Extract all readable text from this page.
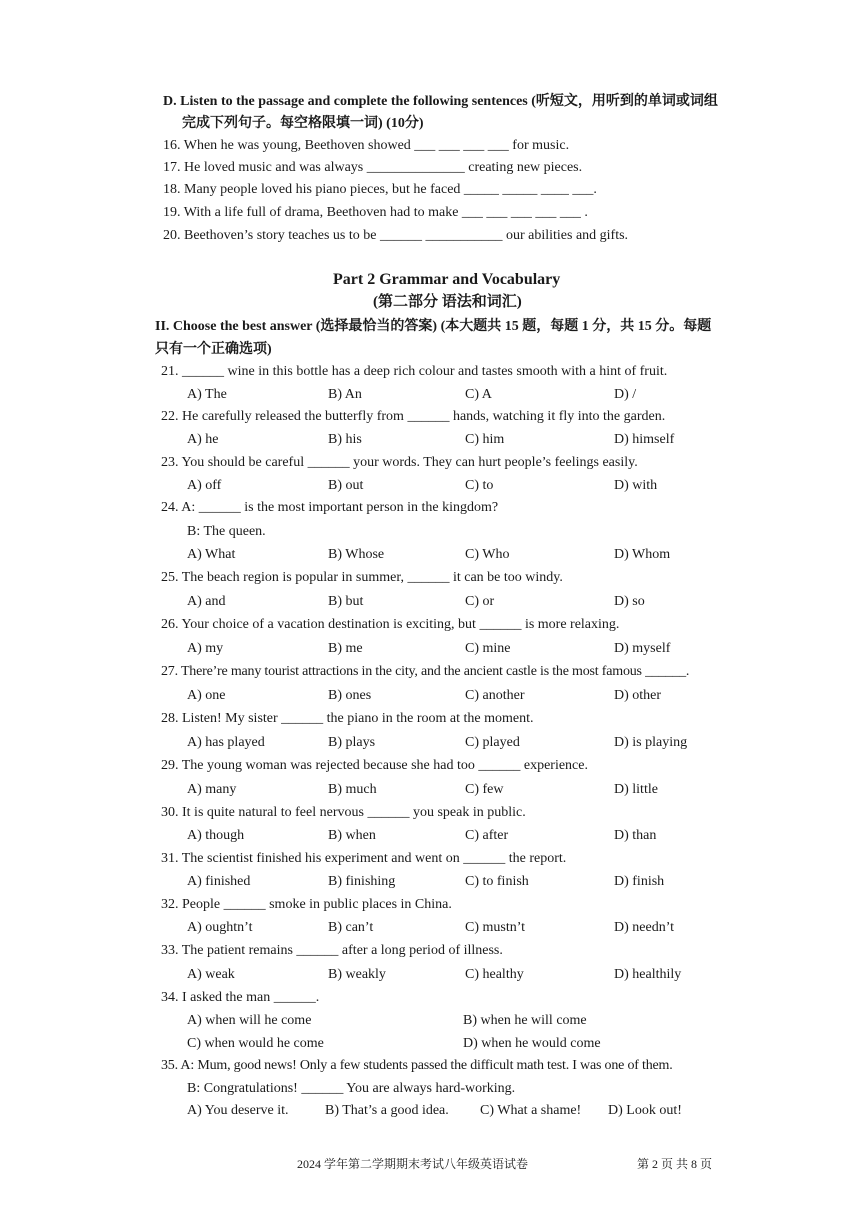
D. Listen to the passage and complete the following sentences (听短文，用听到的单词或词组
完成下列句子。每空格限填一词) (10分)
16. When he was young, Beethoven showed ___ ___ ___ ___ for music.
17. He loved music and was always ______________ creating new pieces.
18. Many people loved his piano pieces, but he faced _____ _____ ____ ___.
19. With a life full of drama, Beethoven had to make ___ ___ ___ ___ ___ .
20. Beethoven’s story teaches us to be ______ ___________ our abilities and gifts.
Part 2 Grammar and Vocabulary
(第二部分 语法和词汇)
II. Choose the best answer (选择最恰当的答案) (本大题共 15 题，每题 1 分，共 15 分。每题
只有一个正确选项)
21. ______ wine in this bottle has a deep rich colour and tastes smooth with a hint of fruit.
A) The	B) An	C) A	D) /
22. He carefully released the butterfly from ______ hands, watching it fly into the garden.
A) he	B) his	C) him	D) himself
23. You should be careful ______ your words. They can hurt people’s feelings easily.
A) off	B) out	C) to	D) with
24. A: ______ is the most important person in the kingdom?
B: The queen.
A) What	B) Whose	C) Who	D) Whom
25. The beach region is popular in summer, ______ it can be too windy.
A) and	B) but	C) or	D) so
26. Your choice of a vacation destination is exciting, but ______ is more relaxing.
A) my	B) me	C) mine	D) myself
27. There’re many tourist attractions in the city, and the ancient castle is the most famous ______.
A) one	B) ones	C) another	D) other
28. Listen! My sister ______ the piano in the room at the moment.
A) has played	B) plays	C) played	D) is playing
29. The young woman was rejected because she had too ______ experience.
A) many	B) much	C) few	D) little
30. It is quite natural to feel nervous ______ you speak in public.
A) though	B) when	C) after	D) than
31. The scientist finished his experiment and went on ______ the report.
A) finished	B) finishing	C) to finish	D) finish
32. People ______ smoke in public places in China.
A) oughtn’t	B) can’t	C) mustn’t	D) needn’t
33. The patient remains ______ after a long period of illness.
A) weak	B) weakly	C) healthy	D) healthily
34. I asked the man ______.
A) when will he come	B) when he will come
C) when would he come	D) when he would come
35. A: Mum, good news! Only a few students passed the difficult math test. I was one of them.
B: Congratulations! ______ You are always hard-working.
A) You deserve it.	B) That’s a good idea. C) What a shame! D) Look out!
2024 学年第二学期期末考试八年级英语试卷	第 2 页 共 8 页
